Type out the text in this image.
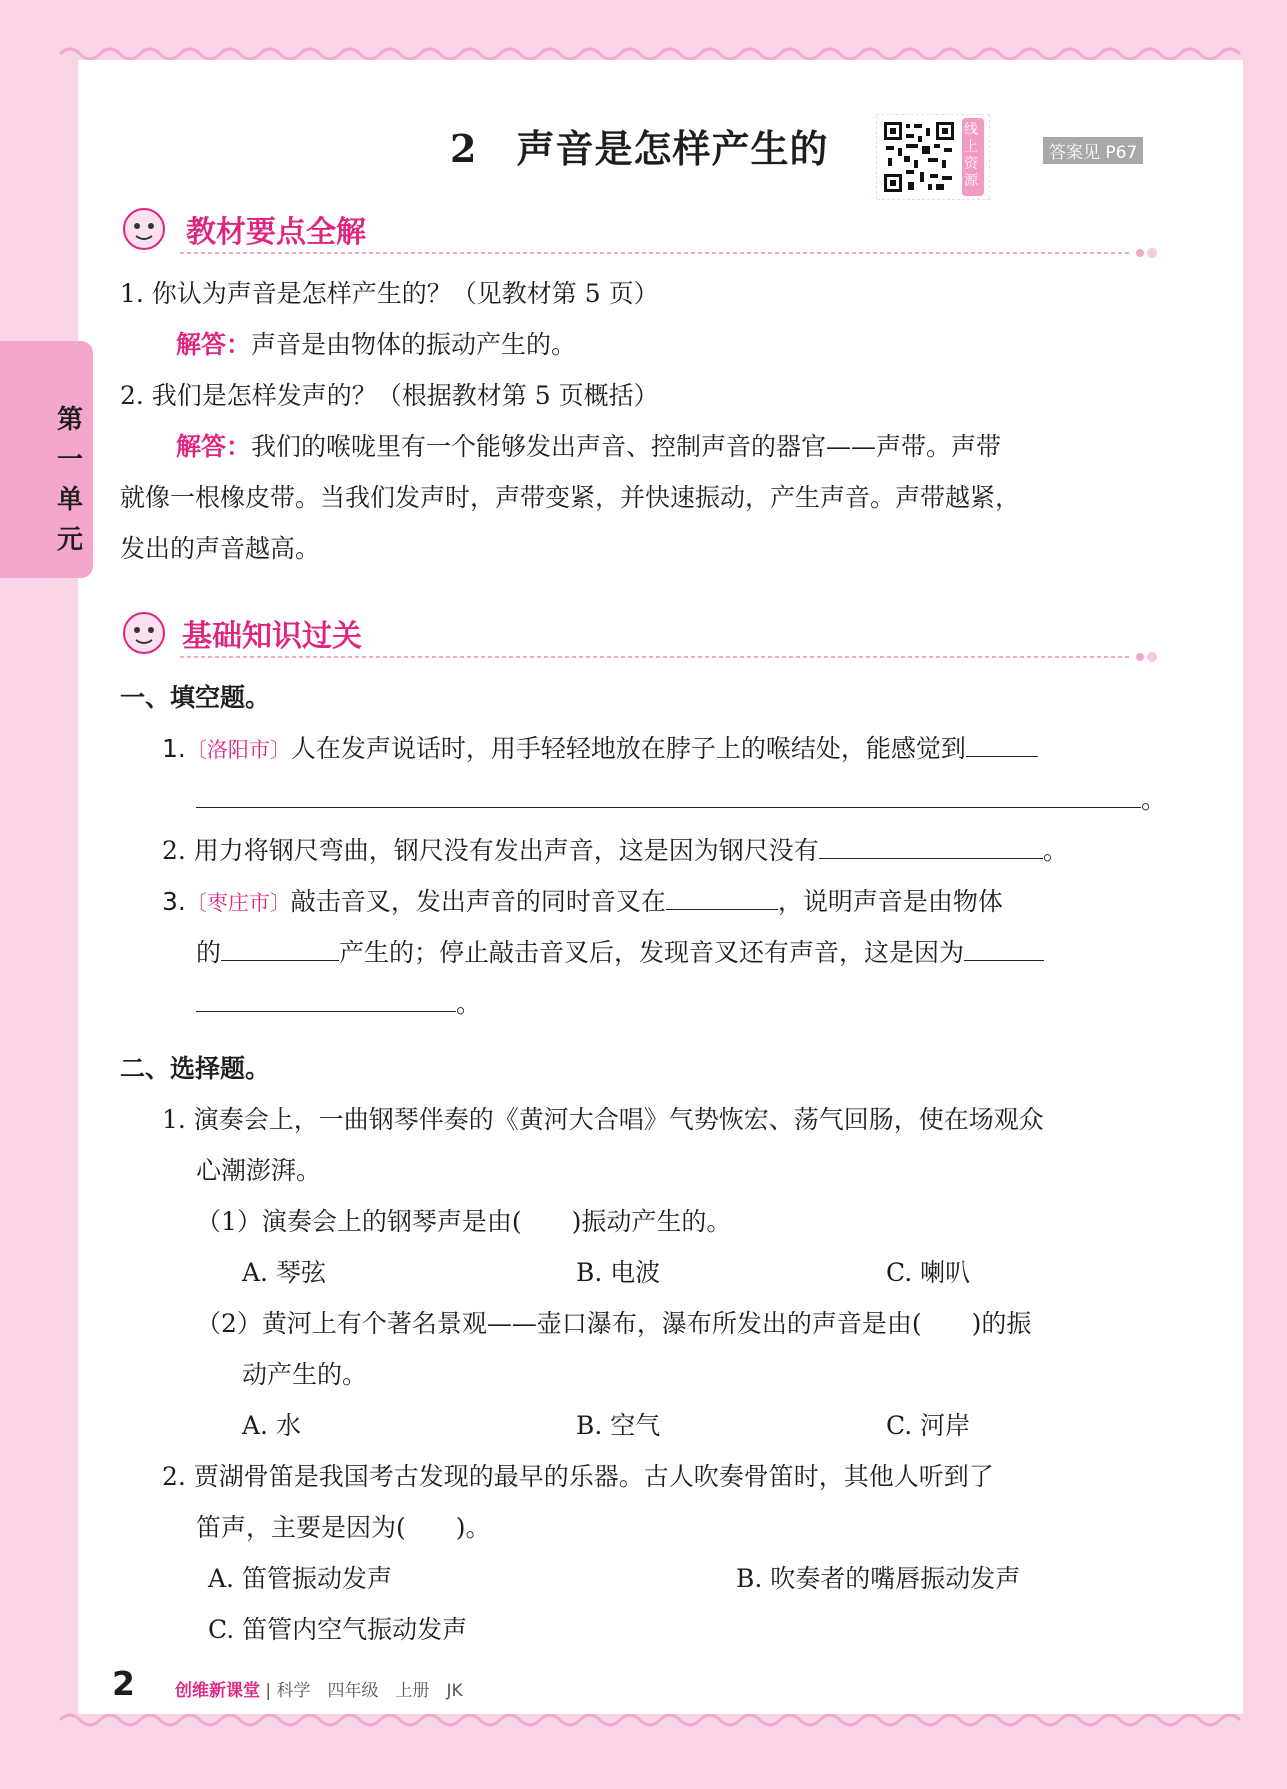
第一单元
2　声音是怎样产生的	线上资源
答案见 P67
教材要点全解
1. 你认为声音是怎样产生的？（见教材第 5 页）
解答：声音是由物体的振动产生的。
2. 我们是怎样发声的？（根据教材第 5 页概括）
解答：我们的喉咙里有一个能够发出声音、控制声音的器官——声带。声带
就像一根橡皮带。当我们发声时，声带变紧，并快速振动，产生声音。声带越紧，
发出的声音越高。
基础知识过关
一、填空题。
1.〔洛阳市〕人在发声说话时，用手轻轻地放在脖子上的喉结处，能感觉到
。
2. 用力将钢尺弯曲，钢尺没有发出声音，这是因为钢尺没有	。
3.〔枣庄市〕敲击音叉，发出声音的同时音叉在	，说明声音是由物体
的	产生的；停止敲击音叉后，发现音叉还有声音，这是因为
。
二、选择题。
1. 演奏会上，一曲钢琴伴奏的《黄河大合唱》气势恢宏、荡气回肠，使在场观众
心潮澎湃。
（1）演奏会上的钢琴声是由(　　)振动产生的。
A. 琴弦	B. 电波	C. 喇叭
（2）黄河上有个著名景观——壶口瀑布，瀑布所发出的声音是由(　　)的振
动产生的。
A. 水	B. 空气	C. 河岸
2. 贾湖骨笛是我国考古发现的最早的乐器。古人吹奏骨笛时，其他人听到了
笛声，主要是因为(　　)。
A. 笛管振动发声	B. 吹奏者的嘴唇振动发声
C. 笛管内空气振动发声
2 创维新课堂 | 科学　四年级　上册　JK
